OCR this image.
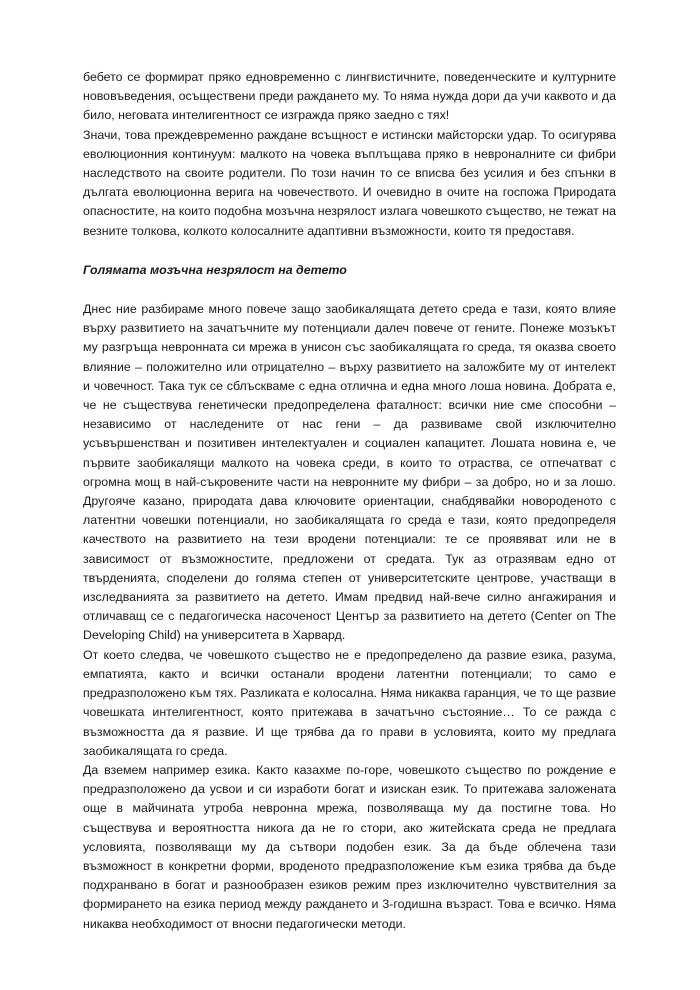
бебето се формират пряко едновременно с лингвистичните, поведенческите и културните нововъведения, осъществени преди раждането му. То няма нужда дори да учи каквото и да било, неговата интелигентност се изгражда пряко заедно с тях!

Значи, това преждевременно раждане всъщност е истински майсторски удар. То осигурява еволюционния континуум: малкото на човека въплъщава пряко в невроналните си фибри наследството на своите родители. По този начин то се вписва без усилия и без спънки в дългата еволюционна верига на човечеството. И очевидно в очите на госпожа Природата опасностите, на които подобна мозъчна незрялост излага човешкото същество, не тежат на везните толкова, колкото колосалните адаптивни възможности, които тя предоставя.

Голямата мозъчна незрялост на детето

Днес ние разбираме много повече защо заобикалящата детето среда е тази, която влияе върху развитието на зачатъчните му потенциали далеч повече от гените. Понеже мозъкът му разгръща невронната си мрежа в унисон със заобикалящата го среда, тя оказва своето влияние – положително или отрицателно – върху развитието на заложбите му от интелект и човечност. Така тук се сблъскваме с една отлична и една много лоша новина. Добрата е, че не съществува генетически предопределена фаталност: всички ние сме способни – независимо от наследените от нас гени – да развиваме свой изключително усъвършенстван и позитивен интелектуален и социален капацитет. Лошата новина е, че първите заобикалящи малкото на човека среди, в които то отраства, се отпечатват с огромна мощ в най-съкровените части на невронните му фибри – за добро, но и за лошо. Другояче казано, природата дава ключовите ориентации, снабдявайки новороденото с латентни човешки потенциали, но заобикалящата го среда е тази, която предопределя качеството на развитието на тези вродени потенциали: те се проявяват или не в зависимост от възможностите, предложени от средата. Тук аз отразявам едно от твърденията, споделени до голяма степен от университетските центрове, участващи в изследванията за развитието на детето. Имам предвид най-вече силно ангажирания и отличаващ се с педагогическа насоченост Център за развитието на детето (Center on The Developing Child) на университета в Харвард.

От което следва, че човешкото същество не е предопределено да развие езика, разума, емпатията, както и всички останали вродени латентни потенциали; то само е предразположено към тях. Разликата е колосална. Няма никаква гаранция, че то ще развие човешката интелигентност, която притежава в зачатъчно състояние… То се ражда с възможността да я развие. И ще трябва да го прави в условията, които му предлага заобикалящата го среда.

Да вземем например езика. Както казахме по-горе, човешкото същество по рождение е предразположено да усвои и си изработи богат и изискан език. То притежава заложената още в майчината утроба невронна мрежа, позволяваща му да постигне това. Но съществува и вероятността никога да не го стори, ако житейската среда не предлага условията, позволяващи му да сътвори подобен език. За да бъде облечена тази възможност в конкретни форми, вроденото предразположение към езика трябва да бъде подхранвано в богат и разнообразен езиков режим през изключително чувствителния за формирането на езика период между раждането и 3-годишна възраст. Това е всичко. Няма никаква необходимост от вносни педагогически методи.
